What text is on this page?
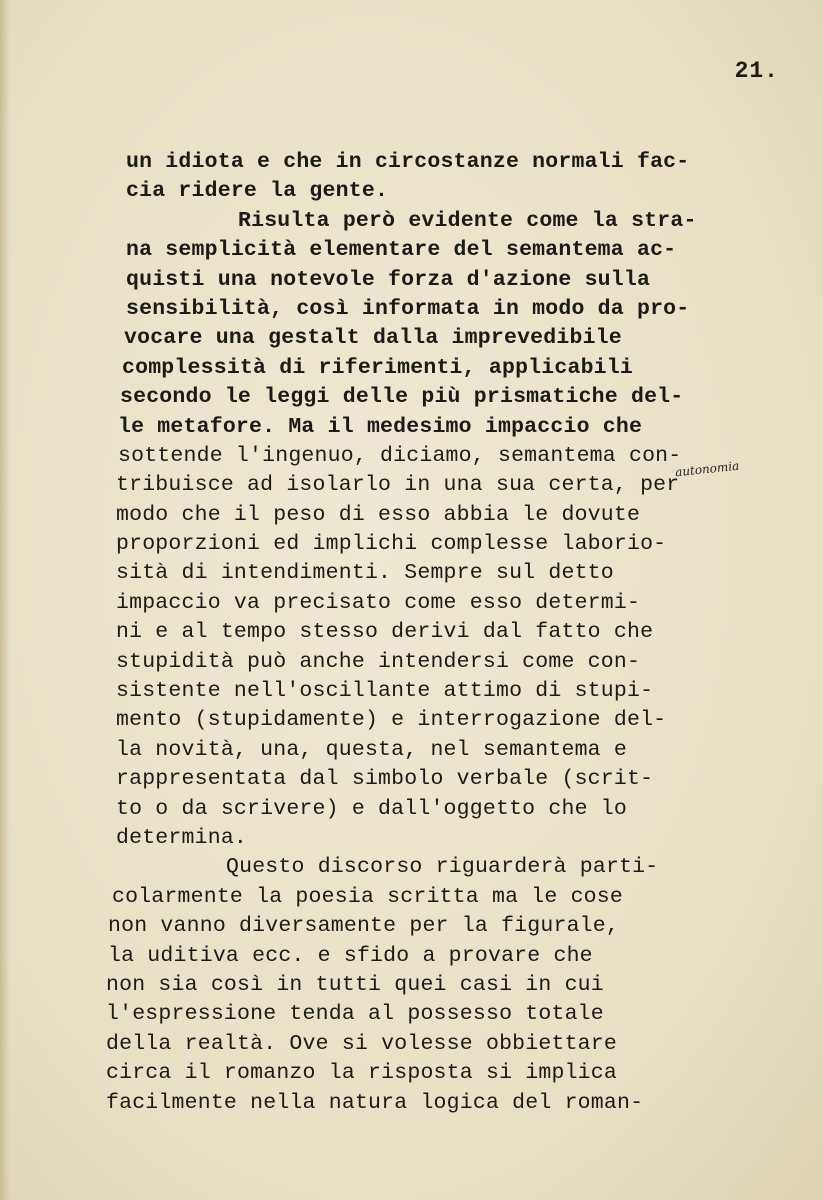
21.
un idiota e che in circostanze normali fac-
cia ridere la gente.
Risulta però evidente come la stra-
na semplicità elementare del semantema ac-
quisti una notevole forza d'azione sulla
sensibilità, così informata in modo da pro-
vocare una gestalt dalla imprevedibile
complessità di riferimenti, applicabili
secondo le leggi delle più prismatiche del-
le metafore. Ma il medesimo impaccio che
sottende l'ingenuo, diciamo, semantema con-
tribuisce ad isolarlo in una sua certa, per
modo che il peso di esso abbia le dovute
proporzioni ed implichi complesse laborio-
sità di intendimenti. Sempre sul detto
impaccio va precisato come esso determi-
ni e al tempo stesso derivi dal fatto che
stupidità può anche intendersi come con-
sistente nell'oscillante attimo di stupi-
mento (stupidamente) e interrogazione del-
la novità, una, questa, nel semantema e
rappresentata dal simbolo verbale (scrit-
to o da scrivere) e dall'oggetto che lo
determina.
Questo discorso riguarderà parti-
colarmente la poesia scritta ma le cose
non vanno diversamente per la figurale,
la uditiva ecc. e sfido a provare che
non sia così in tutti quei casi in cui
l'espressione tenda al possesso totale
della realtà. Ove si volesse obbiettare
circa il romanzo la risposta si implica
facilmente nella natura logica del roman-
autonomia
